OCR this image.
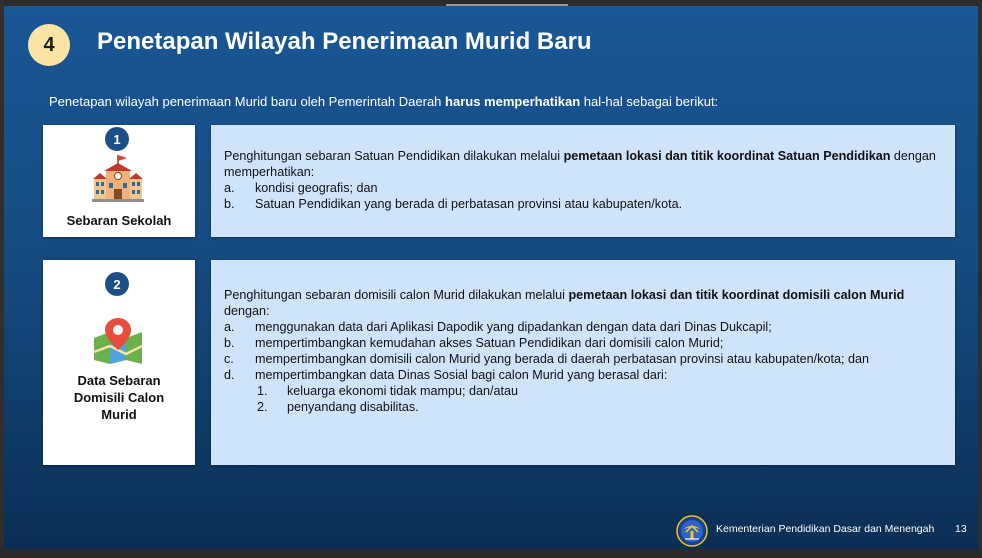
4	Penetapan Wilayah Penerimaan Murid Baru
Penetapan wilayah penerimaan Murid baru oleh Pemerintah Daerah harus memperhatikan hal-hal sebagai berikut:
1
Sebaran Sekolah

Penghitungan sebaran Satuan Pendidikan dilakukan melalui pemetaan lokasi dan titik koordinat Satuan Pendidikan dengan memperhatikan:

a. kondisi geografis; dan
b. Satuan Pendidikan yang berada di perbatasan provinsi atau kabupaten/kota.
2
Data Sebaran
Domisili Calon
Murid

Penghitungan sebaran domisili calon Murid dilakukan melalui pemetaan lokasi dan titik koordinat domisili calon Murid dengan:

a. menggunakan data dari Aplikasi Dapodik yang dipadankan dengan data dari Dinas Dukcapil;
b. mempertimbangkan kemudahan akses Satuan Pendidikan dari domisili calon Murid;
c. mempertimbangkan domisili calon Murid yang berada di daerah perbatasan provinsi atau kabupaten/kota; dan
d. mempertimbangkan data Dinas Sosial bagi calon Murid yang berasal dari:
1. keluarga ekonomi tidak mampu; dan/atau
2. penyandang disabilitas.
Kementerian Pendidikan Dasar dan Menengah 13
